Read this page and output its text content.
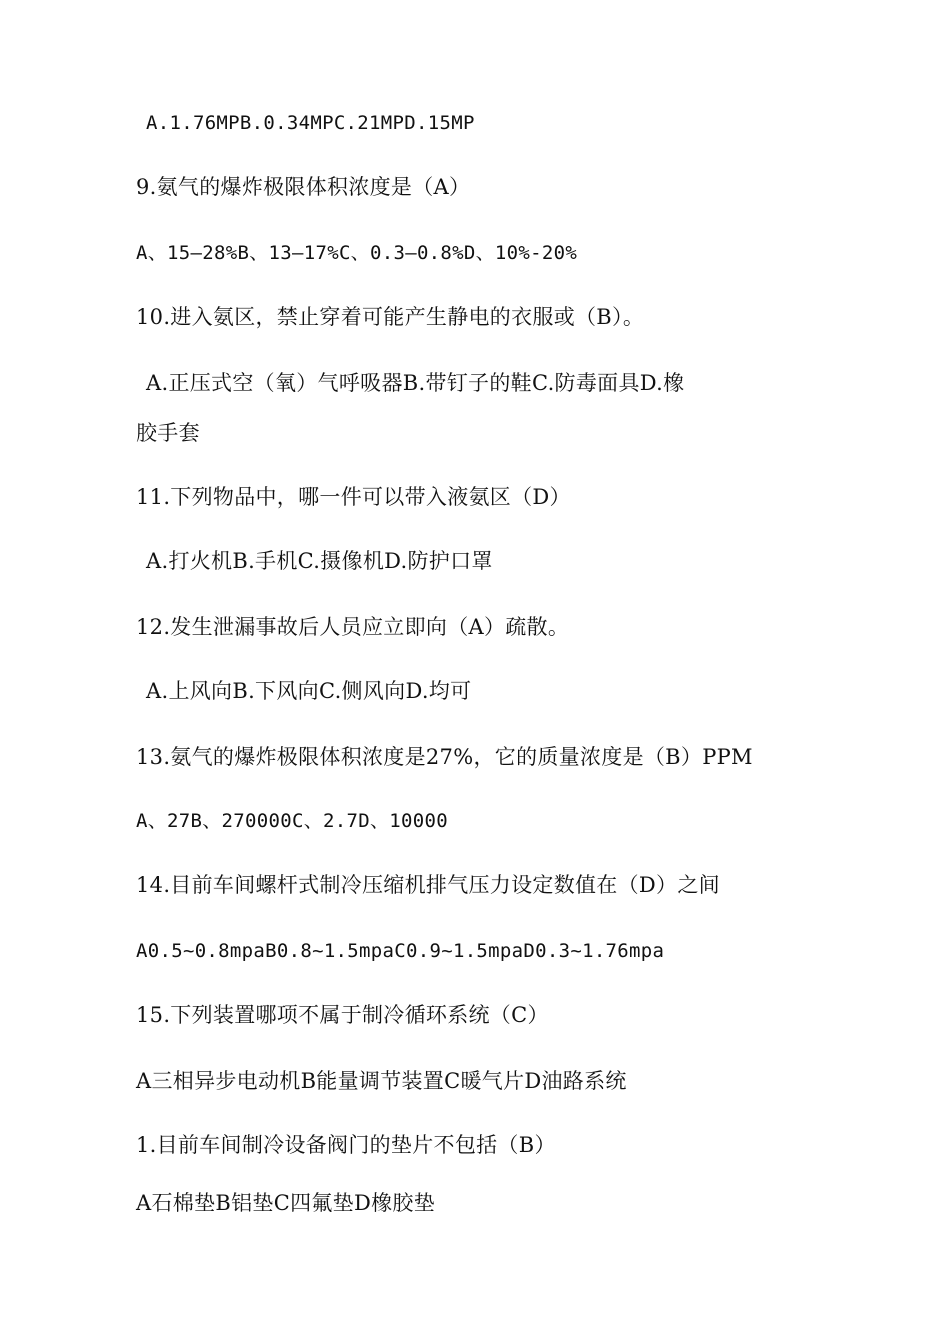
A.1.76MPB.0.34MPC.21MPD.15MP
9.氨气的爆炸极限体积浓度是（A）
A、15—28%B、13—17%C、0.3—0.8%D、10%-20%
10.进入氨区，禁止穿着可能产生静电的衣服或（B）。
A.正压式空（氧）气呼吸器B.带钉子的鞋C.防毒面具D.橡
胶手套
11.下列物品中，哪一件可以带入液氨区（D）
A.打火机B.手机C.摄像机D.防护口罩
12.发生泄漏事故后人员应立即向（A）疏散。
A.上风向B.下风向C.侧风向D.均可
13.氨气的爆炸极限体积浓度是27%，它的质量浓度是（B）PPM
A、27B、270000C、2.7D、10000
14.目前车间螺杆式制冷压缩机排气压力设定数值在（D）之间
A0.5~0.8mpaB0.8~1.5mpaC0.9~1.5mpaD0.3~1.76mpa
15.下列装置哪项不属于制冷循环系统（C）
A三相异步电动机B能量调节装置C暖气片D油路系统
1.目前车间制冷设备阀门的垫片不包括（B）
A石棉垫B铝垫C四氟垫D橡胶垫
